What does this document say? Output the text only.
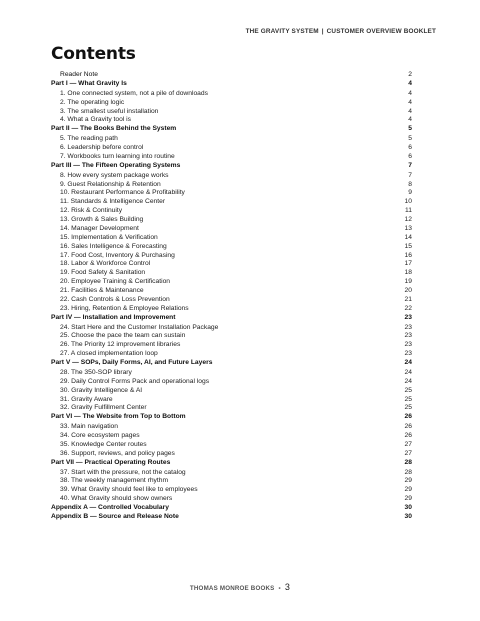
THE GRAVITY SYSTEM | CUSTOMER OVERVIEW BOOKLET
Contents
Reader Note	2
Part I — What Gravity Is	4
1. One connected system, not a pile of downloads	4
2. The operating logic	4
3. The smallest useful installation	4
4. What a Gravity tool is	4
Part II — The Books Behind the System	5
5. The reading path	5
6. Leadership before control	6
7. Workbooks turn learning into routine	6
Part III — The Fifteen Operating Systems	7
8. How every system package works	7
9. Guest Relationship & Retention	8
10. Restaurant Performance & Profitability	9
11. Standards & Intelligence Center	10
12. Risk & Continuity	11
13. Growth & Sales Building	12
14. Manager Development	13
15. Implementation & Verification	14
16. Sales Intelligence & Forecasting	15
17. Food Cost, Inventory & Purchasing	16
18. Labor & Workforce Control	17
19. Food Safety & Sanitation	18
20. Employee Training & Certification	19
21. Facilities & Maintenance	20
22. Cash Controls & Loss Prevention	21
23. Hiring, Retention & Employee Relations	22
Part IV — Installation and Improvement	23
24. Start Here and the Customer Installation Package	23
25. Choose the pace the team can sustain	23
26. The Priority 12 improvement libraries	23
27. A closed implementation loop	23
Part V — SOPs, Daily Forms, AI, and Future Layers	24
28. The 350-SOP library	24
29. Daily Control Forms Pack and operational logs	24
30. Gravity Intelligence & AI	25
31. Gravity Aware	25
32. Gravity Fulfillment Center	25
Part VI — The Website from Top to Bottom	26
33. Main navigation	26
34. Core ecosystem pages	26
35. Knowledge Center routes	27
36. Support, reviews, and policy pages	27
Part VII — Practical Operating Routes	28
37. Start with the pressure, not the catalog	28
38. The weekly management rhythm	29
39. What Gravity should feel like to employees	29
40. What Gravity should show owners	29
Appendix A — Controlled Vocabulary	30
Appendix B — Source and Release Note	30
THOMAS MONROE BOOKS • 3
